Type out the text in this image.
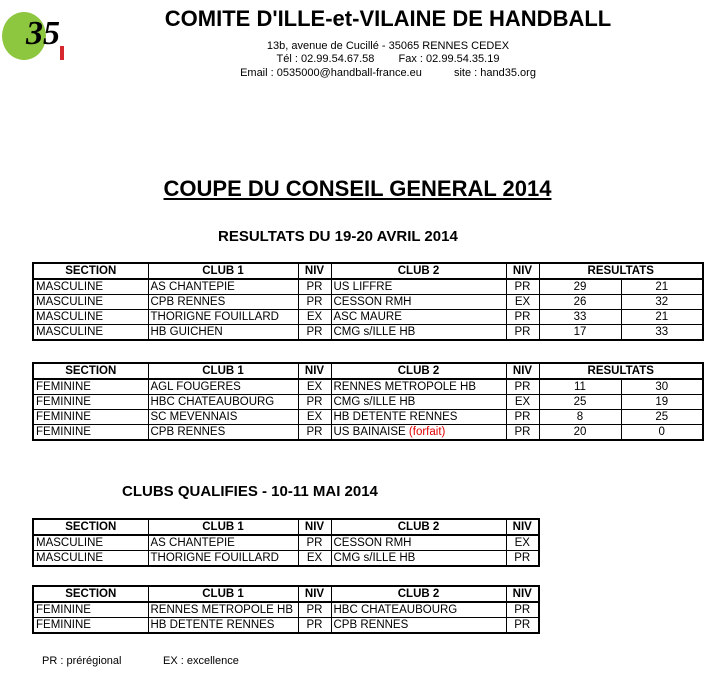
35	COMITE D'ILLE-et-VILAINE DE HANDBALL
13b, avenue de Cucillé - 35065 RENNES CEDEX
Tél : 02.99.54.67.58 Fax : 02.99.54.35.19
Email : 0535000@handball-france.eu	site : hand35.org
COUPE DU CONSEIL GENERAL 2014
RESULTATS DU 19-20 AVRIL 2014
SECTION	CLUB 1	NIV	CLUB 2	NIV	RESULTATS	
MASCULINE	AS CHANTEPIE	PR	US LIFFRE	PR	29	21
MASCULINE	CPB RENNES	PR	CESSON RMH	EX	26	32
MASCULINE	THORIGNE FOUILLARD	EX	ASC MAURE	PR	33	21
MASCULINE	HB GUICHEN	PR	CMG s/ILLE HB	PR	17	33
SECTION	CLUB 1	NIV	CLUB 2	NIV	RESULTATS	
FEMININE	AGL FOUGERES	EX	RENNES METROPOLE HB	PR	11	30
FEMININE	HBC CHATEAUBOURG	PR	CMG s/ILLE HB	EX	25	19
FEMININE	SC MEVENNAIS	EX	HB DETENTE RENNES	PR	8	25
FEMININE	CPB RENNES	PR	US BAINAISE (forfait)	PR	20	0
CLUBS QUALIFIES - 10-11 MAI 2014
SECTION	CLUB 1	NIV	CLUB 2	NIV
MASCULINE	AS CHANTEPIE	PR	CESSON RMH	EX
MASCULINE	THORIGNE FOUILLARD	EX	CMG s/ILLE HB	PR
SECTION	CLUB 1	NIV	CLUB 2	NIV
FEMININE	RENNES METROPOLE HB	PR	HBC CHATEAUBOURG	PR
FEMININE	HB DETENTE RENNES	PR	CPB RENNES	PR
PR : prérégional	EX : excellence
